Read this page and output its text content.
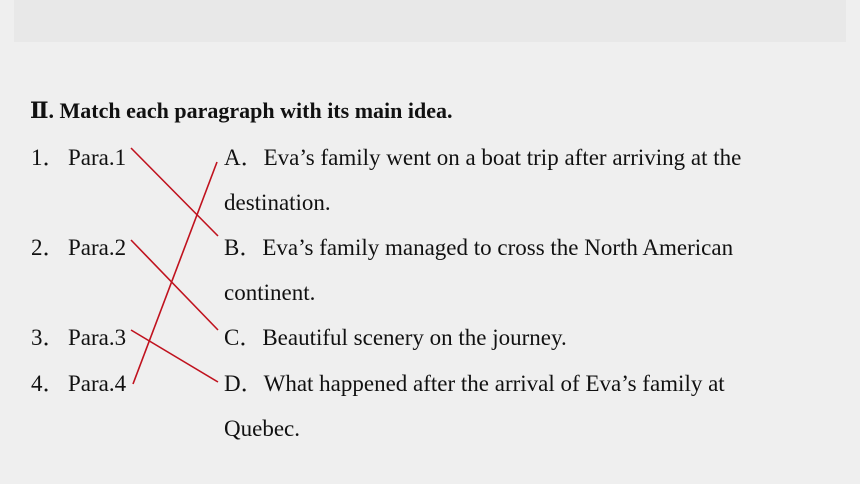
Ⅱ. Match each paragraph with its main idea.
1． Para.1
2． Para.2
3． Para.3
4． Para.4
A．Eva’s family went on a boat trip after arriving at the
destination.
B．Eva’s family managed to cross the North American
continent.
C．Beautiful scenery on the journey.
D．What happened after the arrival of Eva’s family at
Quebec.
